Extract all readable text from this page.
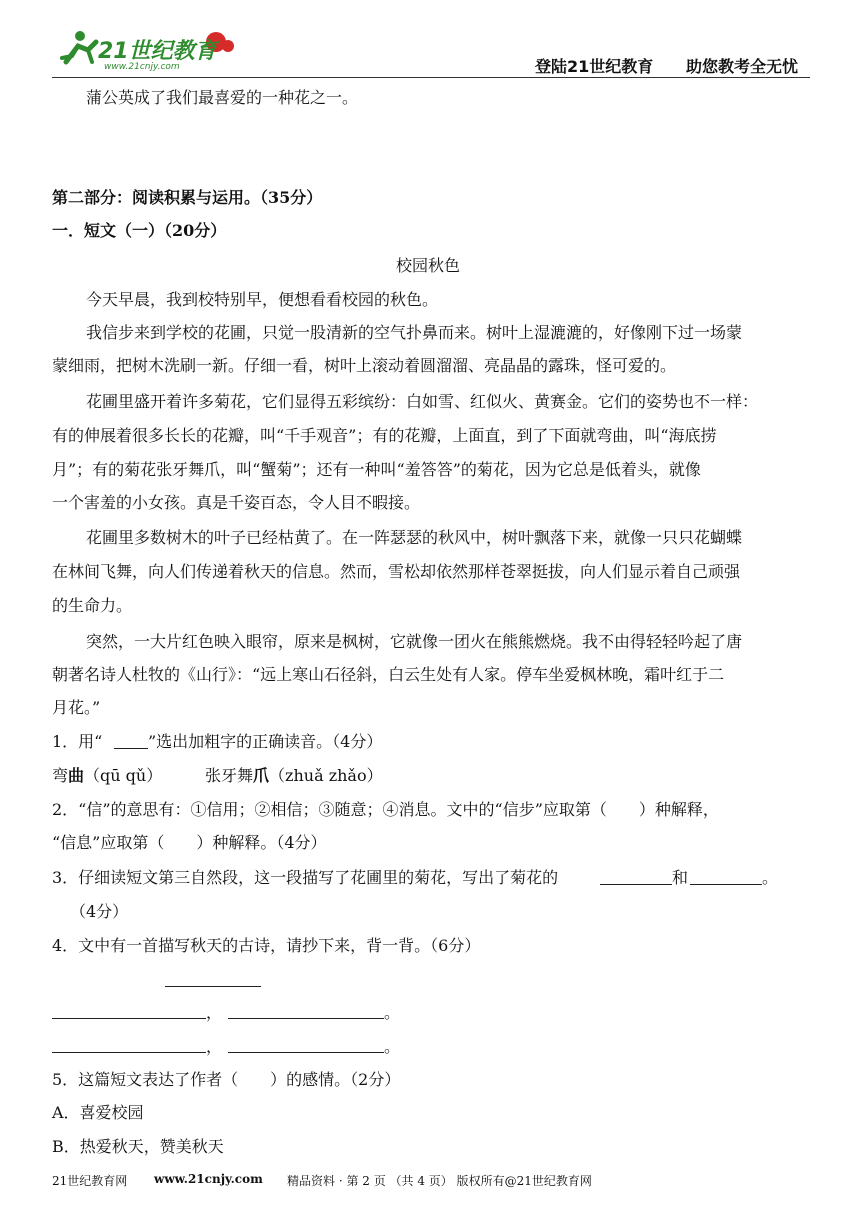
21世纪教育
www.21cnjy.com	登陆21世纪教育 助您教考全无忧
蒲公英成了我们最喜爱的一种花之一。
第二部分：阅读积累与运用。（35分）
一．短文（一）（20分）
校园秋色
今天早晨，我到校特别早，便想看看校园的秋色。
我信步来到学校的花圃，只觉一股清新的空气扑鼻而来。树叶上湿漉漉的，好像刚下过一场蒙
蒙细雨，把树木洗刷一新。仔细一看，树叶上滚动着圆溜溜、亮晶晶的露珠，怪可爱的。
花圃里盛开着许多菊花，它们显得五彩缤纷：白如雪、红似火、黄赛金。它们的姿势也不一样：
有的伸展着很多长长的花瓣，叫“千手观音”；有的花瓣，上面直，到了下面就弯曲，叫“海底捞
月”；有的菊花张牙舞爪，叫“蟹菊”；还有一种叫“羞答答”的菊花，因为它总是低着头，就像
一个害羞的小女孩。真是千姿百态，令人目不暇接。
花圃里多数树木的叶子已经枯黄了。在一阵瑟瑟的秋风中，树叶飘落下来，就像一只只花蝴蝶
在林间飞舞，向人们传递着秋天的信息。然而，雪松却依然那样苍翠挺拔，向人们显示着自己顽强
的生命力。
突然，一大片红色映入眼帘，原来是枫树，它就像一团火在熊熊燃烧。我不由得轻轻吟起了唐
朝著名诗人杜牧的《山行》：“远上寒山石径斜，白云生处有人家。停车坐爱枫林晚，霜叶红于二
月花。”
1．用“	”选出加粗字的正确读音。（4分）
弯曲（qū qǔ）	张牙舞爪（zhuǎ zhǎo）
2．“信”的意思有：①信用；②相信；③随意；④消息。文中的“信步”应取第（　　）种解释，
“信息”应取第（　　）种解释。（4分）
3．仔细读短文第三自然段，这一段描写了花圃里的菊花，写出了菊花的	和	。
（4分）
4．文中有一首描写秋天的古诗，请抄下来，背一背。（6分）
，	。
，	。
5．这篇短文表达了作者（　　）的感情。（2分）
A．喜爱校园
B．热爱秋天，赞美秋天
21世纪教育网 www.21cnjy.com 精品资料 · 第 2 页 （共 4 页） 版权所有@21世纪教育网
